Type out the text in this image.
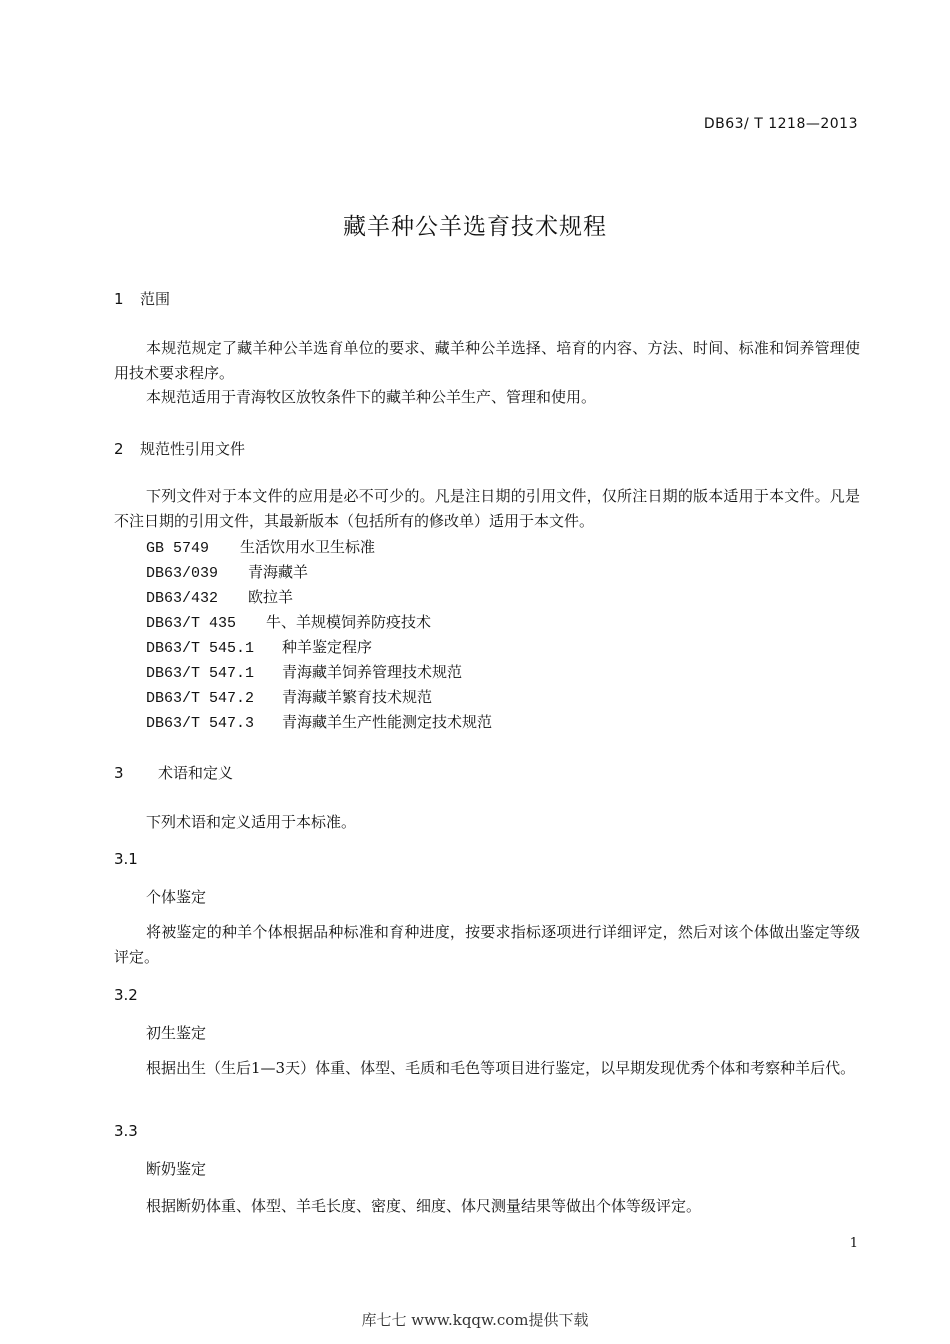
DB63/ T 1218—2013
藏羊种公羊选育技术规程
1 范围

本规范规定了藏羊种公羊选育单位的要求、藏羊种公羊选择、培育的内容、方法、时间、标准和饲养管理使用技术要求程序。

本规范适用于青海牧区放牧条件下的藏羊种公羊生产、管理和使用。

2 规范性引用文件

下列文件对于本文件的应用是必不可少的。凡是注日期的引用文件，仅所注日期的版本适用于本文件。凡是不注日期的引用文件，其最新版本（包括所有的修改单）适用于本文件。

GB 5749 生活饮用水卫生标准
DB63/039 青海藏羊
DB63/432 欧拉羊
DB63/T 435 牛、羊规模饲养防疫技术
DB63/T 545.1 种羊鉴定程序
DB63/T 547.1 青海藏羊饲养管理技术规范
DB63/T 547.2 青海藏羊繁育技术规范
DB63/T 547.3 青海藏羊生产性能测定技术规范
3 术语和定义

下列术语和定义适用于本标准。

3.1
个体鉴定

将被鉴定的种羊个体根据品种标准和育种进度，按要求指标逐项进行详细评定，然后对该个体做出鉴定等级评定。

3.2
初生鉴定

根据出生（生后1—3天）体重、体型、毛质和毛色等项目进行鉴定，以早期发现优秀个体和考察种羊后代。

3.3
断奶鉴定

根据断奶体重、体型、羊毛长度、密度、细度、体尺测量结果等做出个体等级评定。

1
库七七 www.kqqw.com提供下载
